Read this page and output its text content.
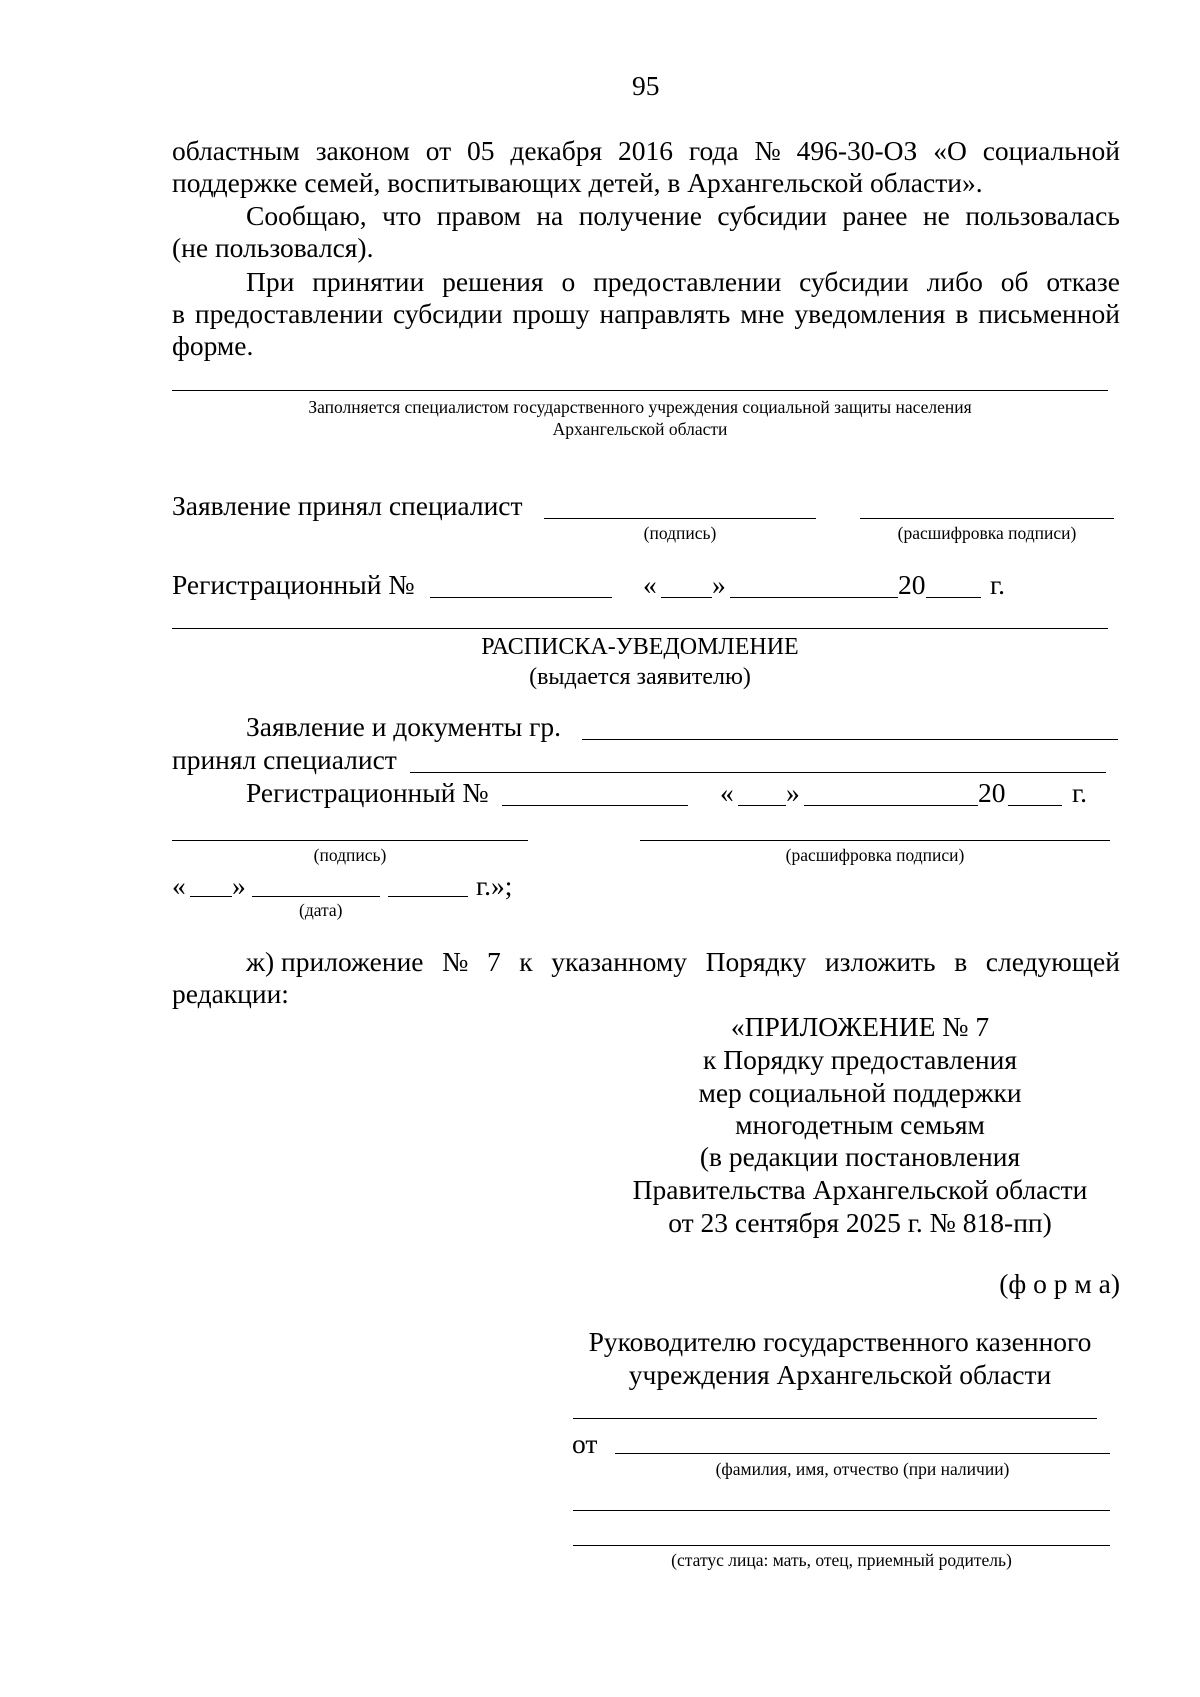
95
областным законом от 05 декабря 2016 года № 496-30-ОЗ «О социальной
поддержке семей, воспитывающих детей, в Архангельской области».
Сообщаю, что правом на получение субсидии ранее не пользовалась
(не пользовался).
При принятии решения о предоставлении субсидии либо об отказе
в предоставлении субсидии прошу направлять мне уведомления в письменной
форме.
Заполняется специалистом государственного учреждения социальной защиты населения
Архангельской области
Заявление принял специалист
(подпись)	(расшифровка подписи)
Регистрационный №	« »	20 г.
РАСПИСКА-УВЕДОМЛЕНИЕ
(выдается заявителю)
Заявление и документы гр.
принял специалист
Регистрационный №	« »	20 г.
(подпись)	(расшифровка подписи)
« »	г.»;
(дата)
ж) приложение № 7 к указанному Порядку изложить в следующей
редакции:
«ПРИЛОЖЕНИЕ № 7
к Порядку предоставления
мер социальной поддержки
многодетным семьям
(в редакции постановления
Правительства Архангельской области
от 23 сентября 2025 г. № 818-пп)
(ф о р м а)
Руководителю государственного казенного
учреждения Архангельской области
от
(фамилия, имя, отчество (при наличии)
(статус лица: мать, отец, приемный родитель)
